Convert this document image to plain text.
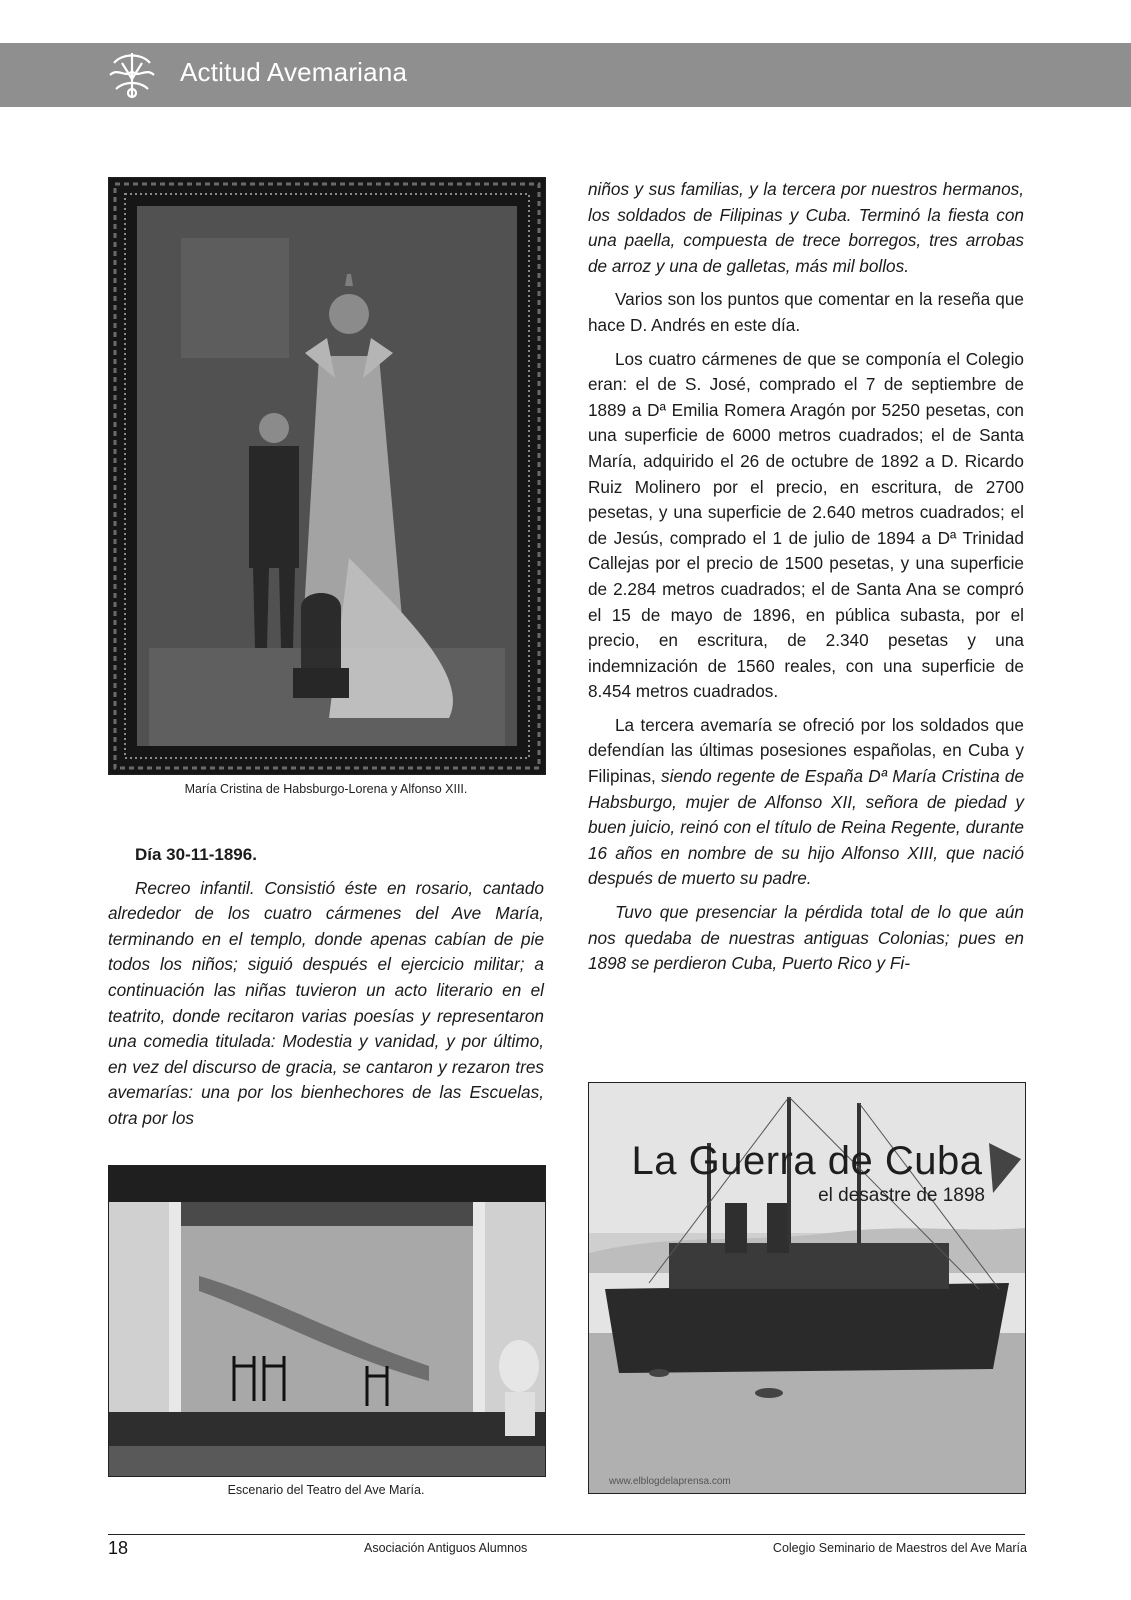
Actitud Avemariana
María Cristina de Habsburgo-Lorena y Alfonso XIII.

Día 30-11-1896.

Recreo infantil. Consistió éste en rosario, cantado alrededor de los cuatro cármenes del Ave María, terminando en el templo, donde apenas cabían de pie todos los niños; siguió después el ejercicio militar; a continuación las niñas tuvieron un acto literario en el teatrito, donde recitaron varias poesías y representaron una comedia titulada: Modestia y vanidad, y por último, en vez del discurso de gracia, se cantaron y rezaron tres avemarías: una por los bienhechores de las Escuelas, otra por los

Escenario del Teatro del Ave María.

niños y sus familias, y la tercera por nuestros hermanos, los soldados de Filipinas y Cuba. Terminó la fiesta con una paella, compuesta de trece borregos, tres arrobas de arroz y una de galletas, más mil bollos.

Varios son los puntos que comentar en la reseña que hace D. Andrés en este día.

Los cuatro cármenes de que se componía el Colegio eran: el de S. José, comprado el 7 de septiembre de 1889 a Dª Emilia Romera Aragón por 5250 pesetas, con una superficie de 6000 metros cuadrados; el de Santa María, adquirido el 26 de octubre de 1892 a D. Ricardo Ruiz Molinero por el precio, en escritura, de 2700 pesetas, y una superficie de 2.640 metros cuadrados; el de Jesús, comprado el 1 de julio de 1894 a Dª Trinidad Callejas por el precio de 1500 pesetas, y una superficie de 2.284 metros cuadrados; el de Santa Ana se compró el 15 de mayo de 1896, en pública subasta, por el precio, en escritura, de 2.340 pesetas y una indemnización de 1560 reales, con una superficie de 8.454 metros cuadrados.

La tercera avemaría se ofreció por los soldados que defendían las últimas posesiones españolas, en Cuba y Filipinas, siendo regente de España Dª María Cristina de Habsburgo, mujer de Alfonso XII, señora de piedad y buen juicio, reinó con el título de Reina Regente, durante 16 años en nombre de su hijo Alfonso XIII, que nació después de muerto su padre.

Tuvo que presenciar la pérdida total de lo que aún nos quedaba de nuestras antiguas Colonias; pues en 1898 se perdieron Cuba, Puerto Rico y Fi-

La Guerra de Cuba
el desastre de 1898
www.elblogdelaprensa.com
18	Asociación Antiguos Alumnos	Colegio Seminario de Maestros del Ave María
